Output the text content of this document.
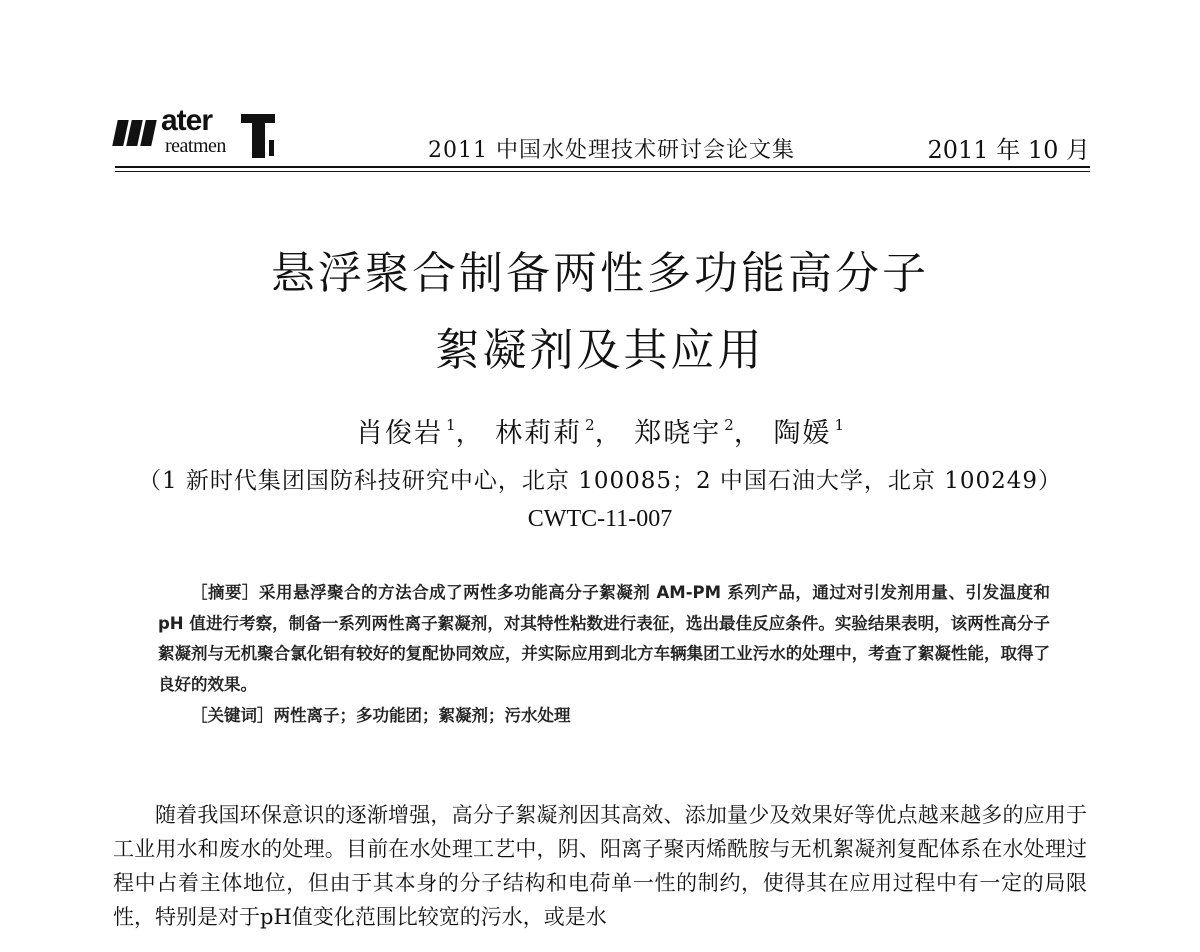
ater
reatmen	2011 中国水处理技术研讨会论文集	2011 年 10 月
悬浮聚合制备两性多功能高分子
絮凝剂及其应用
肖俊岩 $^1$， 林莉莉 $^2$， 郑晓宇 $^2$， 陶媛 $^1$
（1 新时代集团国防科技研究中心，北京 100085；2 中国石油大学，北京 100249）
CWTC-11-007

［摘要］采用悬浮聚合的方法合成了两性多功能高分子絮凝剂 AM-PM 系列产品，通过对引发剂用量、引发温度和 pH 值进行考察，制备一系列两性离子絮凝剂，对其特性粘数进行表征，选出最佳反应条件。实验结果表明，该两性高分子絮凝剂与无机聚合氯化铝有较好的复配协同效应，并实际应用到北方车辆集团工业污水的处理中，考查了絮凝性能，取得了良好的效果。

［关键词］两性离子；多功能团；絮凝剂；污水处理

随着我国环保意识的逐渐增强，高分子絮凝剂因其高效、添加量少及效果好等优点越来越多的应用于工业用水和废水的处理。目前在水处理工艺中，阴、阳离子聚丙烯酰胺与无机絮凝剂复配体系在水处理过程中占着主体地位，但由于其本身的分子结构和电荷单一性的制约，使得其在应用过程中有一定的局限性，特别是对于pH值变化范围比较宽的污水，或是水
